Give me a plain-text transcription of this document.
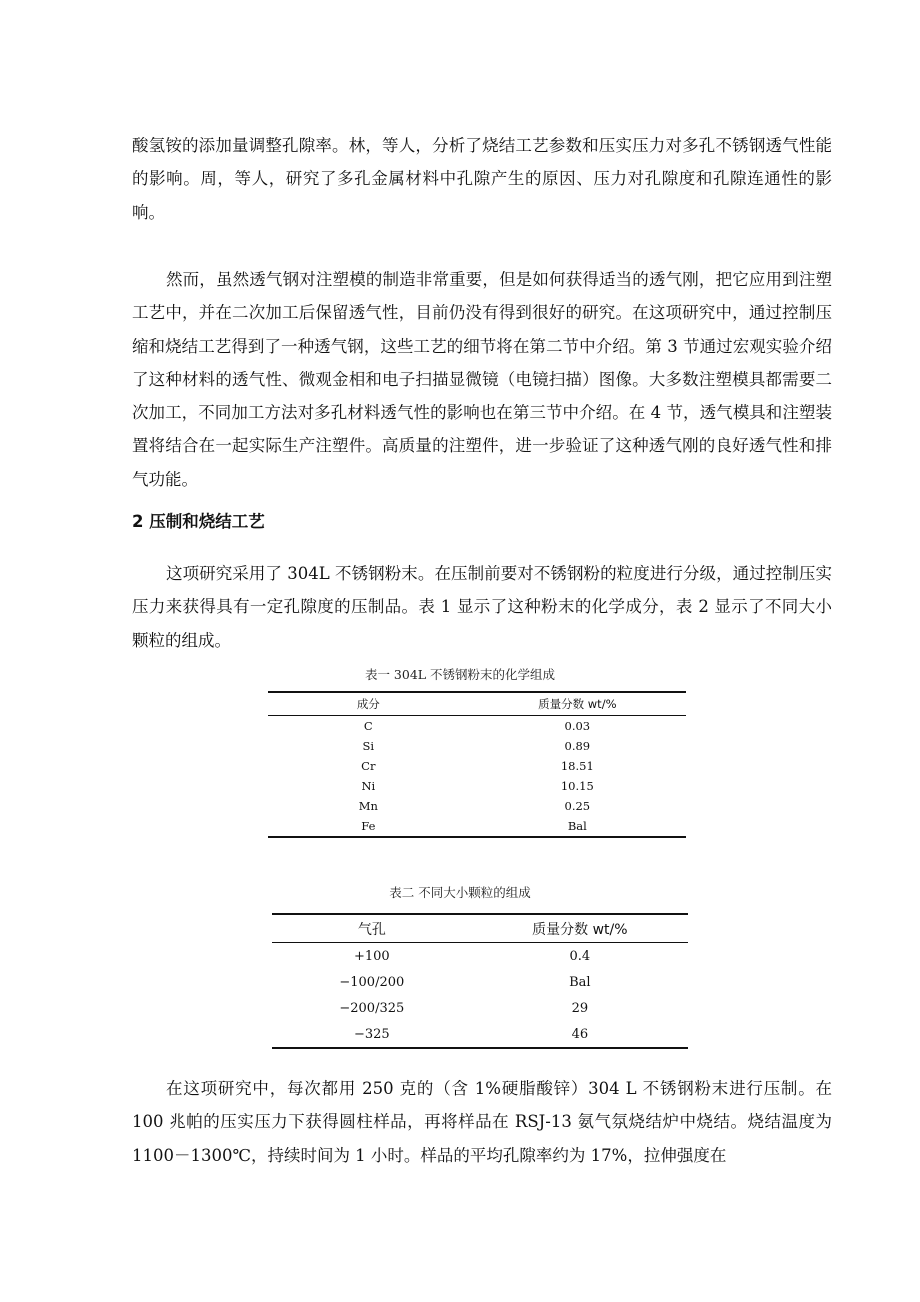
酸氢铵的添加量调整孔隙率。林，等人，分析了烧结工艺参数和压实压力对多孔不锈钢透气性能的影响。周，等人，研究了多孔金属材料中孔隙产生的原因、压力对孔隙度和孔隙连通性的影响。

然而，虽然透气钢对注塑模的制造非常重要，但是如何获得适当的透气刚，把它应用到注塑工艺中，并在二次加工后保留透气性，目前仍没有得到很好的研究。在这项研究中，通过控制压缩和烧结工艺得到了一种透气钢，这些工艺的细节将在第二节中介绍。第 3 节通过宏观实验介绍了这种材料的透气性、微观金相和电子扫描显微镜（电镜扫描）图像。大多数注塑模具都需要二次加工，不同加工方法对多孔材料透气性的影响也在第三节中介绍。在 4 节，透气模具和注塑装置将结合在一起实际生产注塑件。高质量的注塑件，进一步验证了这种透气刚的良好透气性和排气功能。

2 压制和烧结工艺

这项研究采用了 304L 不锈钢粉末。在压制前要对不锈钢粉的粒度进行分级，通过控制压实压力来获得具有一定孔隙度的压制品。表 1 显示了这种粉末的化学成分，表 2 显示了不同大小颗粒的组成。

表一 304L 不锈钢粉末的化学组成

成分	质量分数 wt/%
C	0.03
Si	0.89
Cr	18.51
Ni	10.15
Mn	0.25
Fe	Bal

表二 不同大小颗粒的组成

气孔	质量分数 wt/%
+100	0.4
−100/200	Bal
−200/325	29
−325	46

在这项研究中，每次都用 250 克的（含 1%硬脂酸锌）304 L 不锈钢粉末进行压制。在 100 兆帕的压实压力下获得圆柱样品，再将样品在 RSJ-13 氨气氛烧结炉中烧结。烧结温度为 1100－1300℃，持续时间为 1 小时。样品的平均孔隙率约为 17%，拉伸强度在
